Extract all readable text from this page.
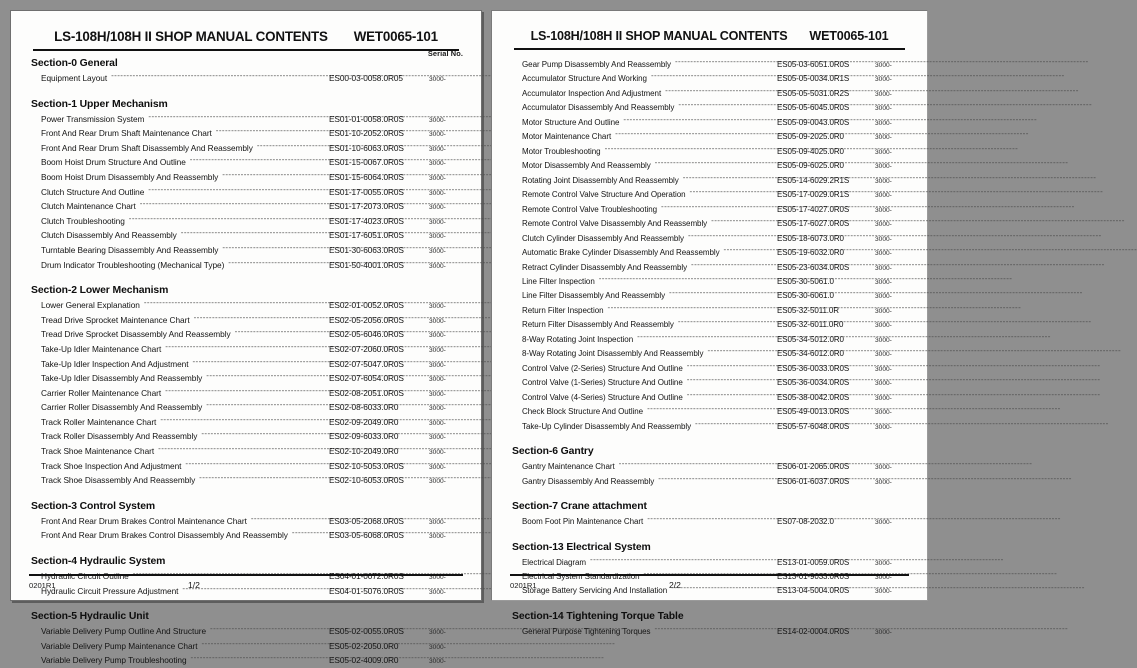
LS-108H/108H II SHOP MANUAL CONTENTS WET0065-101
Serial No.
Section-0 General
Equipment Layout -----	ES00-03-0058.0R05	3000-
Section-1 Upper Mechanism
Power Transmission System -----	ES01-01-0058.0R0S	3000-
Front And Rear Drum Shaft Maintenance Chart -----	ES01-10-2052.0R0S	3000-
Front And Rear Drum Shaft Disassembly And Reassembly -----	ES01-10-6063.0R0S	3000-
Boom Hoist Drum Structure And Outline -----	ES01-15-0067.0R0S	3000-
Boom Hoist Drum Disassembly And Reassembly -----	ES01-15-6064.0R0S	3000-
Clutch Structure And Outline -----	ES01-17-0055.0R0S	3000-
Clutch Maintenance Chart -----	ES01-17-2073.0R0S	3000-
Clutch Troubleshooting -----	ES01-17-4023.0R0S	3000-
Clutch Disassembly And Reassembly -----	ES01-17-6051.0R0S	3000-
Turntable Bearing Disassembly And Reassembly -----	ES01-30-6063.0R0S	3000-
Drum Indicator Troubleshooting (Mechanical Type) -----	ES01-50-4001.0R0S	3000-
Section-2 Lower Mechanism
Lower General Explanation -----	ES02-01-0052.0R0S	3000-
Tread Drive Sprocket Maintenance Chart -----	ES02-05-2056.0R0S	3000-
Tread Drive Sprocket Disassembly And Reassembly -----	ES02-05-6046.0R0S	3000-
Take-Up Idler Maintenance Chart -----	ES02-07-2060.0R0S	3000-
Take-Up Idler Inspection And Adjustment -----	ES02-07-5047.0R0S	3000-
Take-Up Idler Disassembly And Reassembly -----	ES02-07-6054.0R0S	3000-
Carrier Roller Maintenance Chart -----	ES02-08-2051.0R0S	3000-
Carrier Roller Disassembly And Reassembly -----	ES02-08-6033.0R0	3000-
Track Roller Maintenance Chart -----	ES02-09-2049.0R0	3000-
Track Roller Disassembly And Reassembly -----	ES02-09-6033.0R0	3000-
Track Shoe Maintenance Chart -----	ES02-10-2049.0R0	3000-
Track Shoe Inspection And Adjustment -----	ES02-10-5053.0R0S	3000-
Track Shoe Disassembly And Reassembly -----	ES02-10-6053.0R0S	3000-
Section-3 Control System
Front And Rear Drum Brakes Control Maintenance Chart -----	ES03-05-2068.0R0S	3000-
Front And Rear Drum Brakes Control Disassembly And Reassembly -----	ES03-05-6068.0R0S	3000-
Section-4 Hydraulic System
Hydraulic Circuit Outline -----	ES04-01-0072.0R0S	3000-
Hydraulic Circuit Pressure Adjustment -----	ES04-01-5076.0R0S	3000-
Section-5 Hydraulic Unit
Variable Delivery Pump Outline And Structure -----	ES05-02-0055.0R0S	3000-
Variable Delivery Pump Maintenance Chart -----	ES05-02-2050.0R0	3000-
Variable Delivery Pump Troubleshooting -----	ES05-02-4009.0R0	3000-
0201R1	1/2
LS-108H/108H II SHOP MANUAL CONTENTS WET0065-101
Gear Pump Disassembly And Reassembly -----	ES05-03-6051.0R0S	3000-
Accumulator Structure And Working -----	ES05-05-0034.0R1S	3000-
Accumulator Inspection And Adjustment -----	ES05-05-5031.0R2S	3000-
Accumulator Disassembly And Reassembly -----	ES05-05-6045.0R0S	3000-
Motor Structure And Outline -----	ES05-09-0043.0R0S	3000-
Motor Maintenance Chart -----	ES05-09-2025.0R0	3000-
Motor Troubleshooting -----	ES05-09-4025.0R0	3000-
Motor Disassembly And Reassembly -----	ES05-09-6025.0R0	3000-
Rotating Joint Disassembly And Reassembly -----	ES05-14-6029.2R1S	3000-
Remote Control Valve Structure And Operation -----	ES05-17-0029.0R1S	3000-
Remote Control Valve Troubleshooting -----	ES05-17-4027.0R0S	3000-
Remote Control Valve Disassembly And Reassembly -----	ES05-17-6027.0R0S	3000-
Clutch Cylinder Disassembly And Reassembly -----	ES05-18-6073.0R0	3000-
Automatic Brake Cylinder Disassembly And Reassembly -----	ES05-19-6032.0R0	3000-
Retract Cylinder Disassembly And Reassembly -----	ES05-23-6034.0R0S	3000-
Line Filter Inspection -----	ES05-30-5061.0	3000-
Line Filter Disassembly And Reassembly -----	ES05-30-6061.0	3000-
Return Filter Inspection -----	ES05-32-5011.0R	3000-
Return Filter Disassembly And Reassembly -----	ES05-32-6011.0R0	3000-
8-Way Rotating Joint Inspection -----	ES05-34-5012.0R0	3000-
8-Way Rotating Joint Disassembly And Reassembly -----	ES05-34-6012.0R0	3000-
Control Valve (2-Series) Structure And Outline -----	ES05-36-0033.0R0S	3000-
Control Valve (1-Series) Structure And Outline -----	ES05-36-0034.0R0S	3000-
Control Valve (4-Series) Structure And Outline -----	ES05-38-0042.0R0S	3000-
Check Block Structure And Outline -----	ES05-49-0013.0R0S	3000-
Take-Up Cylinder Disassembly And Reassembly -----	ES05-57-6048.0R0S	3000-
Section-6 Gantry
Gantry Maintenance Chart -----	ES06-01-2065.0R0S	3000-
Gantry Disassembly And Reassembly -----	ES06-01-6037.0R0S	3000-
Section-7 Crane attachment
Boom Foot Pin Maintenance Chart -----	ES07-08-2032.0	3000-
Section-13 Electrical System
Electrical Diagram -----	ES13-01-0059.0R0S	3000-
Electrical System Standardization -----	ES13-01-9033.0R0S	3000-
Storage Battery Servicing And Installation -----	ES13-04-5004.0R0S	3000-
Section-14 Tightening Torque Table
General Purpose Tightening Torques -----	ES14-02-0004.0R0S	3000-
0201R1	2/2
